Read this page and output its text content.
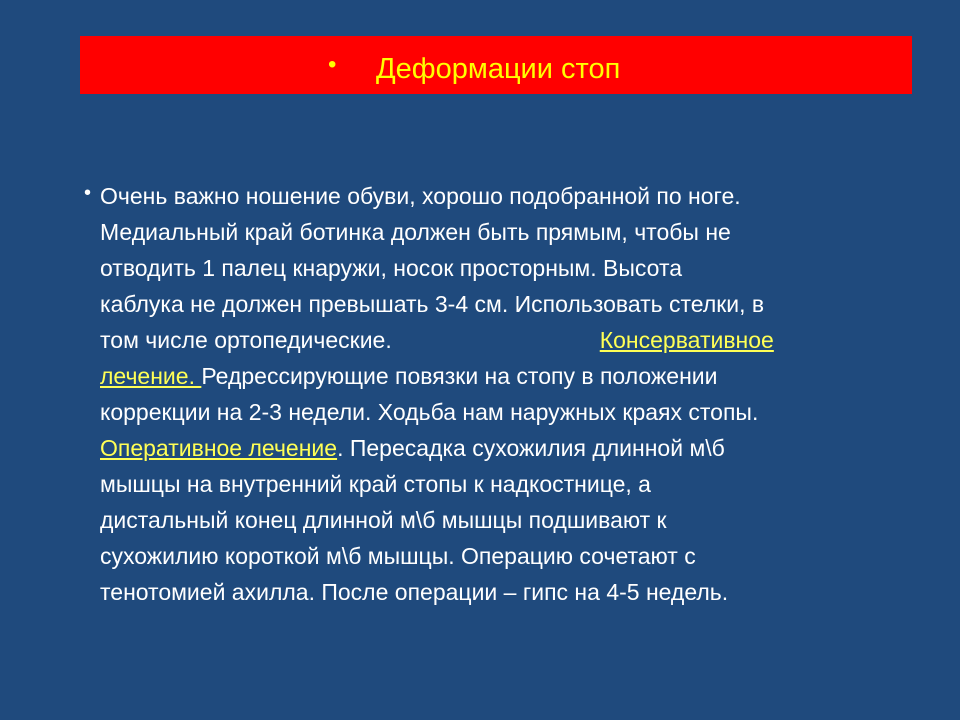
• Деформации стоп
• Очень важно ношение обуви, хорошо подобранной по ноге.
Медиальный край ботинка должен быть прямым, чтобы не
отводить 1 палец кнаружи, носок просторным. Высота
каблука не должен превышать 3-4 см. Использовать стелки, в
том числе ортопедические.	Консервативное
лечение. Редрессирующие повязки на стопу в положении
коррекции на 2-3 недели. Ходьба нам наружных краях стопы.
Оперативное лечение. Пересадка сухожилия длинной м\б
мышцы на внутренний край стопы к надкостнице, а
дистальный конец длинной м\б мышцы подшивают к
сухожилию короткой м\б мышцы. Операцию сочетают с
тенотомией ахилла. После операции – гипс на 4-5 недель.
